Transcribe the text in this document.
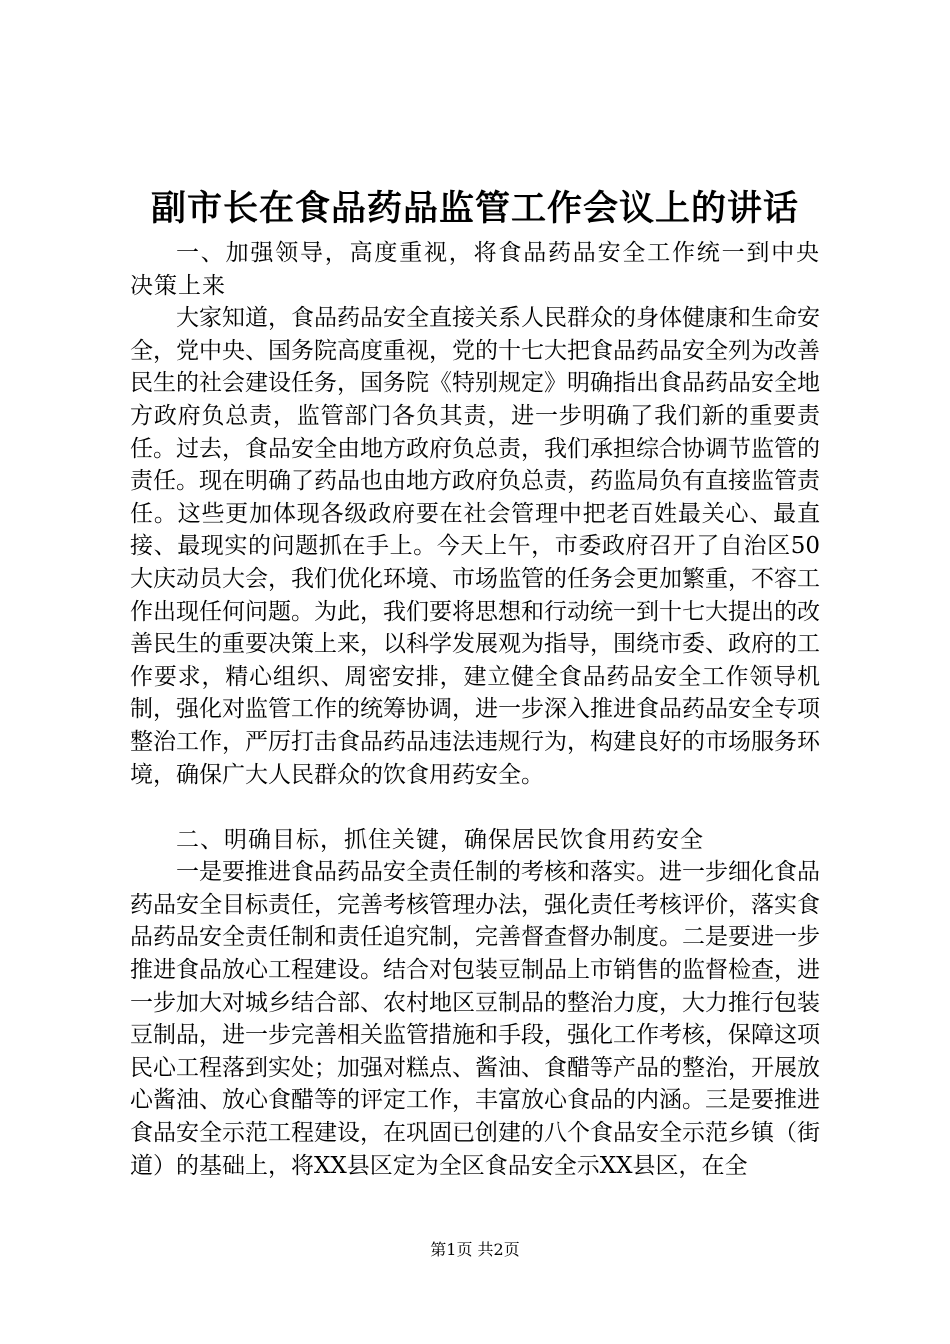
副市长在食品药品监管工作会议上的讲话

一、加强领导，高度重视，将食品药品安全工作统一到中央决策上来

大家知道，食品药品安全直接关系人民群众的身体健康和生命安全，党中央、国务院高度重视，党的十七大把食品药品安全列为改善民生的社会建设任务，国务院《特别规定》明确指出食品药品安全地方政府负总责，监管部门各负其责，进一步明确了我们新的重要责任。过去，食品安全由地方政府负总责，我们承担综合协调节监管的责任。现在明确了药品也由地方政府负总责，药监局负有直接监管责任。这些更加体现各级政府要在社会管理中把老百姓最关心、最直接、最现实的问题抓在手上。今天上午，市委政府召开了自治区50大庆动员大会，我们优化环境、市场监管的任务会更加繁重，不容工作出现任何问题。为此，我们要将思想和行动统一到十七大提出的改善民生的重要决策上来，以科学发展观为指导，围绕市委、政府的工作要求，精心组织、周密安排，建立健全食品药品安全工作领导机制，强化对监管工作的统筹协调，进一步深入推进食品药品安全专项整治工作，严厉打击食品药品违法违规行为，构建良好的市场服务环境，确保广大人民群众的饮食用药安全。

二、明确目标，抓住关键，确保居民饮食用药安全

一是要推进食品药品安全责任制的考核和落实。进一步细化食品药品安全目标责任，完善考核管理办法，强化责任考核评价，落实食品药品安全责任制和责任追究制，完善督查督办制度。二是要进一步推进食品放心工程建设。结合对包装豆制品上市销售的监督检查，进一步加大对城乡结合部、农村地区豆制品的整治力度，大力推行包装豆制品，进一步完善相关监管措施和手段，强化工作考核，保障这项民心工程落到实处；加强对糕点、酱油、食醋等产品的整治，开展放心酱油、放心食醋等的评定工作，丰富放心食品的内涵。三是要推进食品安全示范工程建设，在巩固已创建的八个食品安全示范乡镇（街道）的基础上，将XX县区定为全区食品安全示XX县区，在全

第1页 共2页
